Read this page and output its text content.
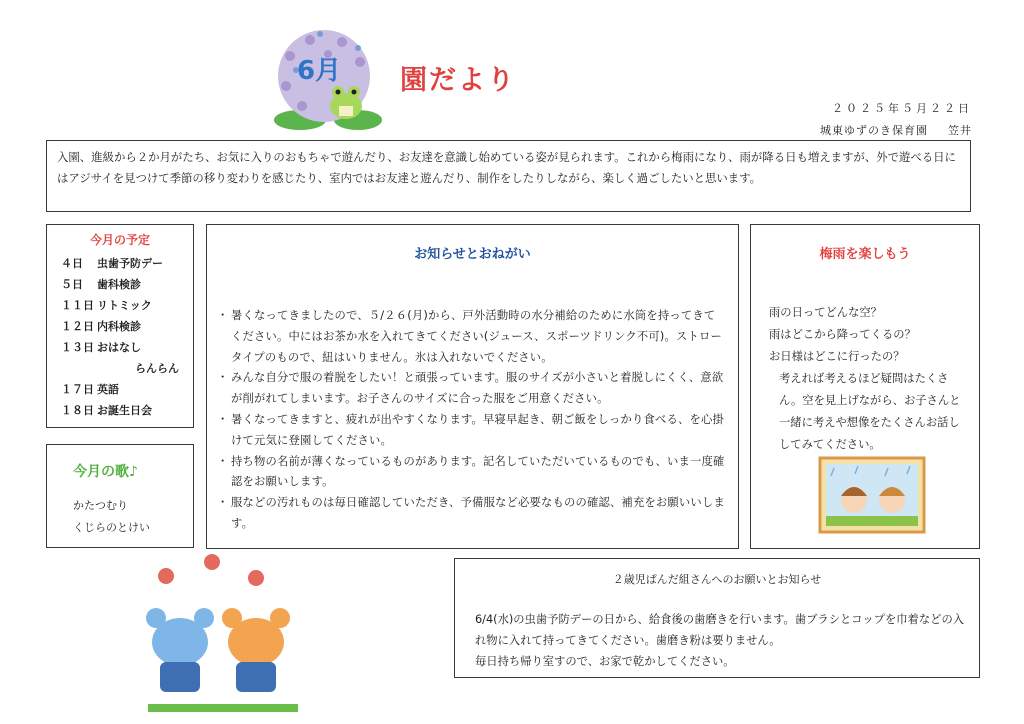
6月 園だより
２０２５年５月２２日
城東ゆずのき保育園 笠井
入園、進級から２か月がたち、お気に入りのおもちゃで遊んだり、お友達を意識し始めている姿が見られます。これから梅雨になり、雨が降る日も増えますが、外で遊べる日にはアジサイを見つけて季節の移り変わりを感じたり、室内ではお友達と遊んだり、制作をしたりしながら、楽しく過ごしたいと思います。
今月の予定
４日	虫歯予防デー
５日	歯科検診
１１日 リトミック
１２日 内科検診
１３日 おはなし
らんらん
１７日 英語
１８日 お誕生日会
今月の歌♪
かたつむり
くじらのとけい
お知らせとおねがい
・ 暑くなってきましたので、５/２６(月)から、戸外活動時の水分補給のために水筒を持ってきてください。中にはお茶か水を入れてきてください(ジュース、スポーツドリンク不可)。ストロータイプのもので、紐はいりません。氷は入れないでください。
・ みんな自分で服の着脱をしたい！と頑張っています。服のサイズが小さいと着脱しにくく、意欲が削がれてしまいます。お子さんのサイズに合った服をご用意ください。
・ 暑くなってきますと、疲れが出やすくなります。早寝早起き、朝ご飯をしっかり食べる、を心掛けて元気に登園してください。
・ 持ち物の名前が薄くなっているものがあります。記名していただいているものでも、いま一度確認をお願いします。
・ 服などの汚れものは毎日確認していただき、予備服など必要なものの確認、補充をお願いいします。
梅雨を楽しもう

雨の日ってどんな空？

雨はどこから降ってくるの？

お日様はどこに行ったの？

考えれば考えるほど疑問はたくさん。空を見上げながら、お子さんと一緒に考えや想像をたくさんお話ししてみてください。

２歳児ぱんだ組さんへのお願いとお知らせ

6/4(水)の虫歯予防デーの日から、給食後の歯磨きを行います。歯ブラシとコップを巾着などの入れ物に入れて持ってきてください。歯磨き粉は要りません。

毎日持ち帰り室すので、お家で乾かしてください。
